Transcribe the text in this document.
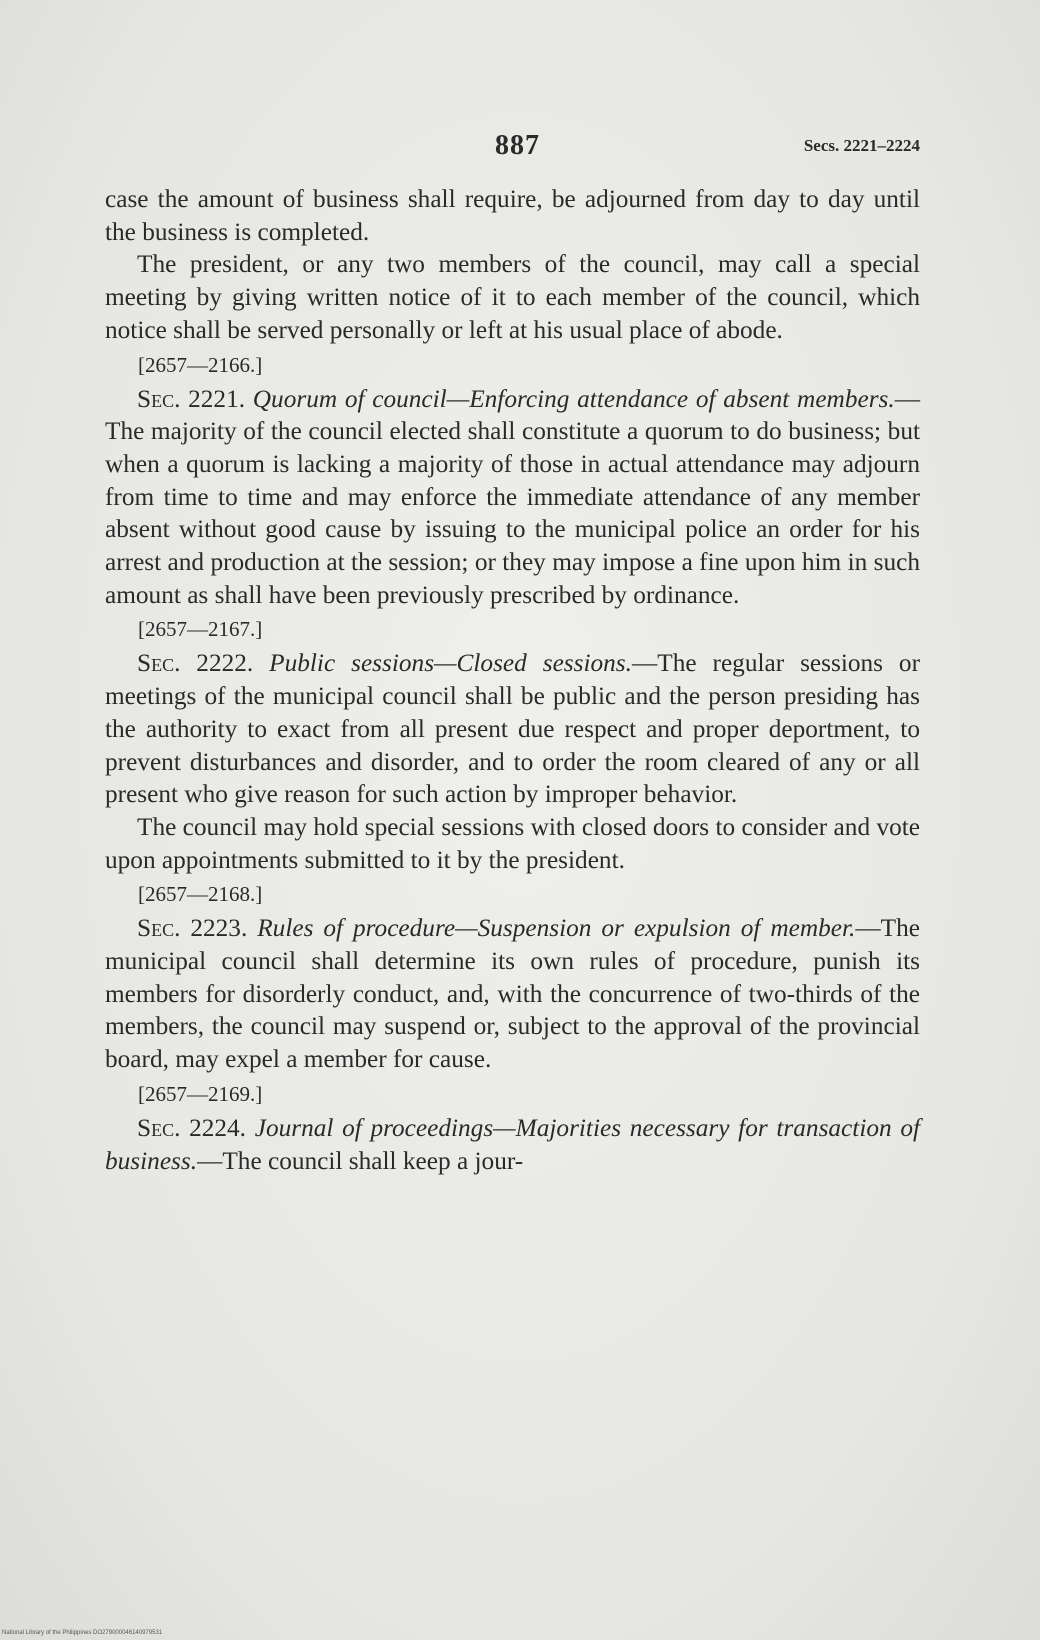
887	Secs. 2221–2224

case the amount of business shall require, be adjourned from day to day until the business is completed.

The president, or any two members of the council, may call a special meeting by giving written notice of it to each member of the council, which notice shall be served personally or left at his usual place of abode.

[2657—2166.]

Sec. 2221. Quorum of council—Enforcing attendance of absent members.—The majority of the council elected shall constitute a quorum to do business; but when a quorum is lacking a majority of those in actual attendance may adjourn from time to time and may enforce the immediate attendance of any member absent without good cause by issuing to the municipal police an order for his arrest and production at the session; or they may impose a fine upon him in such amount as shall have been previously prescribed by ordinance.

[2657—2167.]

Sec. 2222. Public sessions—Closed sessions.—The regular sessions or meetings of the municipal council shall be public and the person presiding has the authority to exact from all present due respect and proper deportment, to prevent disturbances and disorder, and to order the room cleared of any or all present who give reason for such action by improper behavior.

The council may hold special sessions with closed doors to consider and vote upon appointments submitted to it by the president.

[2657—2168.]

Sec. 2223. Rules of procedure—Suspension or expulsion of member.—The municipal council shall determine its own rules of procedure, punish its members for disorderly conduct, and, with the concurrence of two-thirds of the members, the council may suspend or, subject to the approval of the provincial board, may expel a member for cause.

[2657—2169.]

Sec. 2224. Journal of proceedings—Majorities necessary for transaction of business.—The council shall keep a jour-

National Library of the Philippines DO279000046140979531
